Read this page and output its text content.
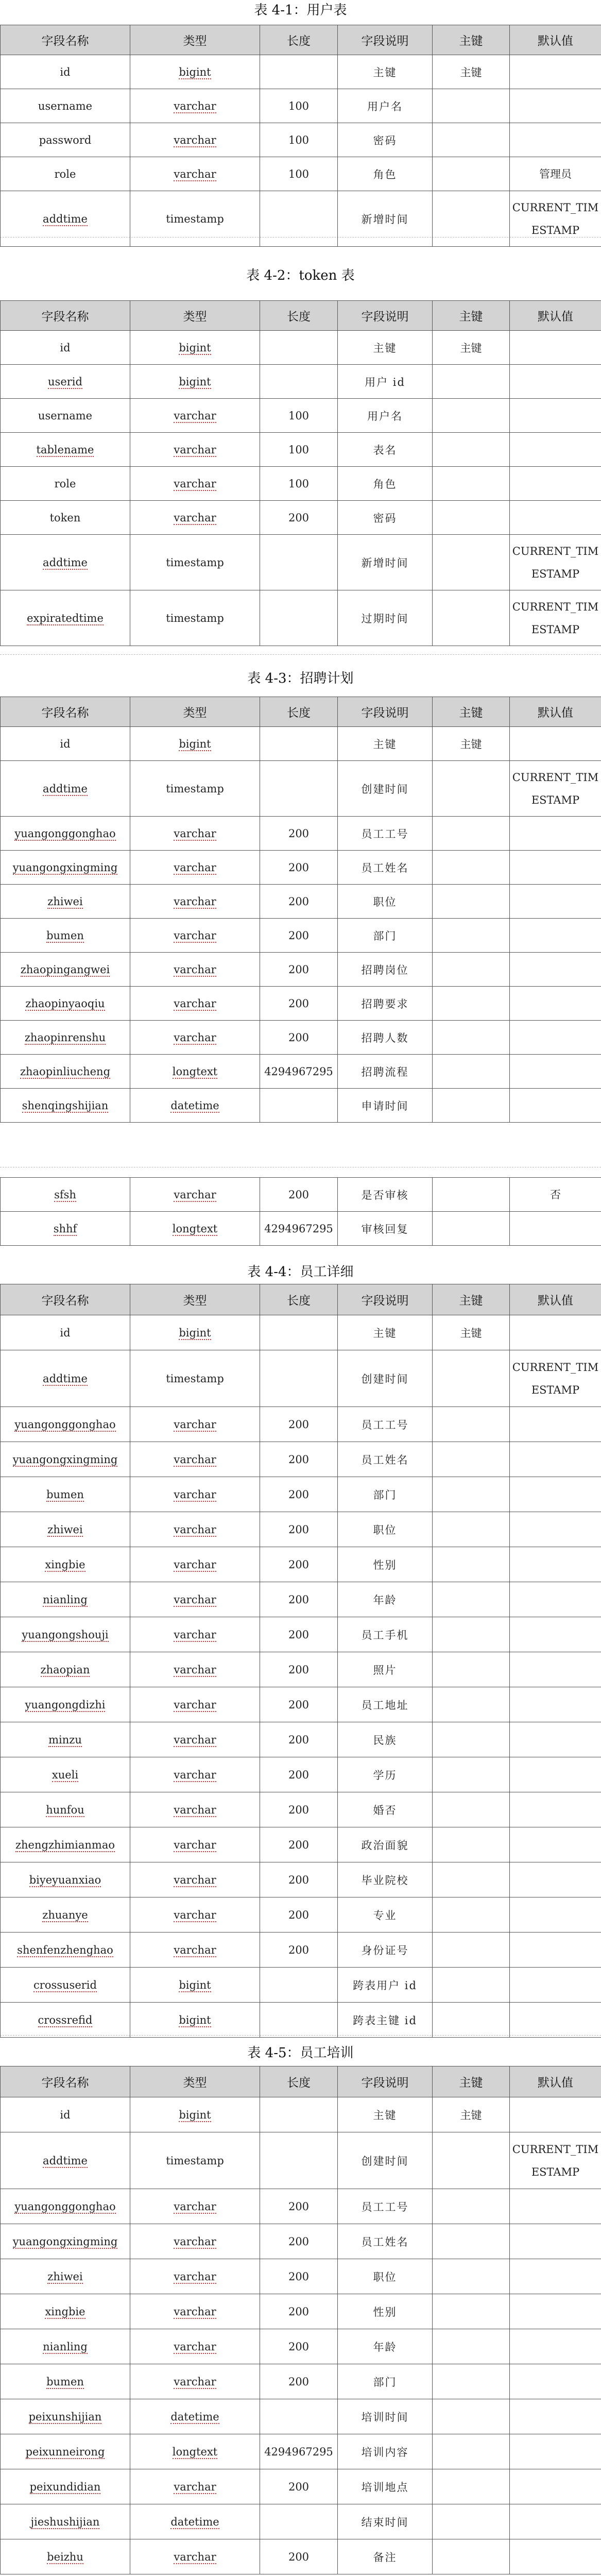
表 4-1：用户表
字段名称	类型	长度	字段说明	主键	默认值
id	bigint		主键	主键	
username	varchar	100	用户名		
password	varchar	100	密码		
role	varchar	100	角色		管理员
addtime	timestamp		新增时间		CURRENT_TIMESTAMP
表 4-2：token 表
字段名称	类型	长度	字段说明	主键	默认值
id	bigint		主键	主键	
userid	bigint		用户 id		
username	varchar	100	用户名		
tablename	varchar	100	表名		
role	varchar	100	角色		
token	varchar	200	密码		
addtime	timestamp		新增时间		CURRENT_TIMESTAMP
expiratedtime	timestamp		过期时间		CURRENT_TIMESTAMP
表 4-3：招聘计划
字段名称	类型	长度	字段说明	主键	默认值
id	bigint		主键	主键	
addtime	timestamp		创建时间		CURRENT_TIMESTAMP
yuangonggonghao	varchar	200	员工工号		
yuangongxingming	varchar	200	员工姓名		
zhiwei	varchar	200	职位		
bumen	varchar	200	部门		
zhaopingangwei	varchar	200	招聘岗位		
zhaopinyaoqiu	varchar	200	招聘要求		
zhaopinrenshu	varchar	200	招聘人数		
zhaopinliucheng	longtext	4294967295	招聘流程		
shenqingshijian	datetime		申请时间		
sfsh	varchar	200	是否审核		否
shhf	longtext	4294967295	审核回复		
表 4-4：员工详细
字段名称	类型	长度	字段说明	主键	默认值
id	bigint		主键	主键	
addtime	timestamp		创建时间		CURRENT_TIMESTAMP
yuangonggonghao	varchar	200	员工工号		
yuangongxingming	varchar	200	员工姓名		
bumen	varchar	200	部门		
zhiwei	varchar	200	职位		
xingbie	varchar	200	性别		
nianling	varchar	200	年龄		
yuangongshouji	varchar	200	员工手机		
zhaopian	varchar	200	照片		
yuangongdizhi	varchar	200	员工地址		
minzu	varchar	200	民族		
xueli	varchar	200	学历		
hunfou	varchar	200	婚否		
zhengzhimianmao	varchar	200	政治面貌		
biyeyuanxiao	varchar	200	毕业院校		
zhuanye	varchar	200	专业		
shenfenzhenghao	varchar	200	身份证号		
crossuserid	bigint		跨表用户 id		
crossrefid	bigint		跨表主键 id		
表 4-5：员工培训
字段名称	类型	长度	字段说明	主键	默认值
id	bigint		主键	主键	
addtime	timestamp		创建时间		CURRENT_TIMESTAMP
yuangonggonghao	varchar	200	员工工号		
yuangongxingming	varchar	200	员工姓名		
zhiwei	varchar	200	职位		
xingbie	varchar	200	性别		
nianling	varchar	200	年龄		
bumen	varchar	200	部门		
peixunshijian	datetime		培训时间		
peixunneirong	longtext	4294967295	培训内容		
peixundidian	varchar	200	培训地点		
jieshushijian	datetime		结束时间		
beizhu	varchar	200	备注		
